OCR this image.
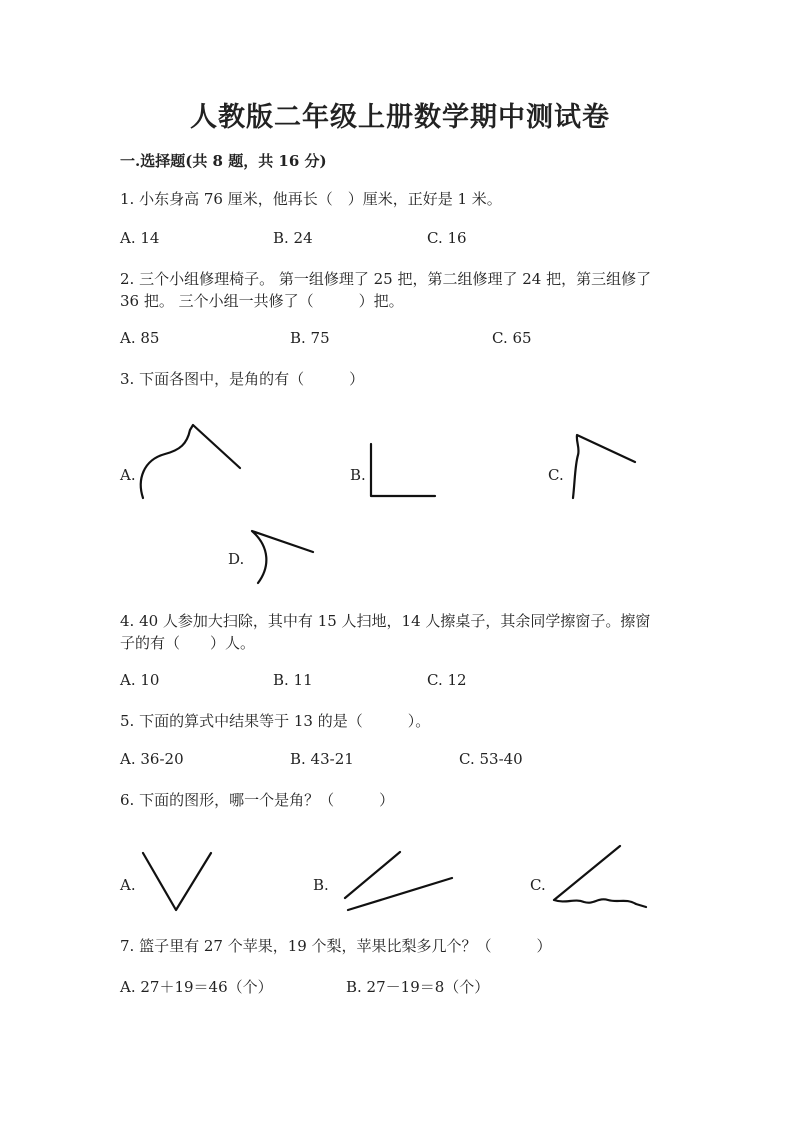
人教版二年级上册数学期中测试卷
一.选择题(共 8 题，共 16 分)
1. 小东身高 76 厘米，他再长（　）厘米，正好是 1 米。
A. 14	B. 24	C. 16
2. 三个小组修理椅子。 第一组修理了 25 把，第二组修理了 24 把，第三组修了
36 把。 三个小组一共修了（　　　）把。
A. 85	B. 75	C. 65
3. 下面各图中，是角的有（　　　）
A.	B.	C.
D.
4. 40 人参加大扫除，其中有 15 人扫地，14 人擦桌子，其余同学擦窗子。擦窗
子的有（　　）人。
A. 10	B. 11	C. 12
5. 下面的算式中结果等于 13 的是（　　　）。
A. 36-20	B. 43-21	C. 53-40
6. 下面的图形，哪一个是角？（　　　）
A.	B.	C.
7. 篮子里有 27 个苹果，19 个梨，苹果比梨多几个？（　　　）
A. 27＋19＝46（个）	B. 27－19＝8（个）
